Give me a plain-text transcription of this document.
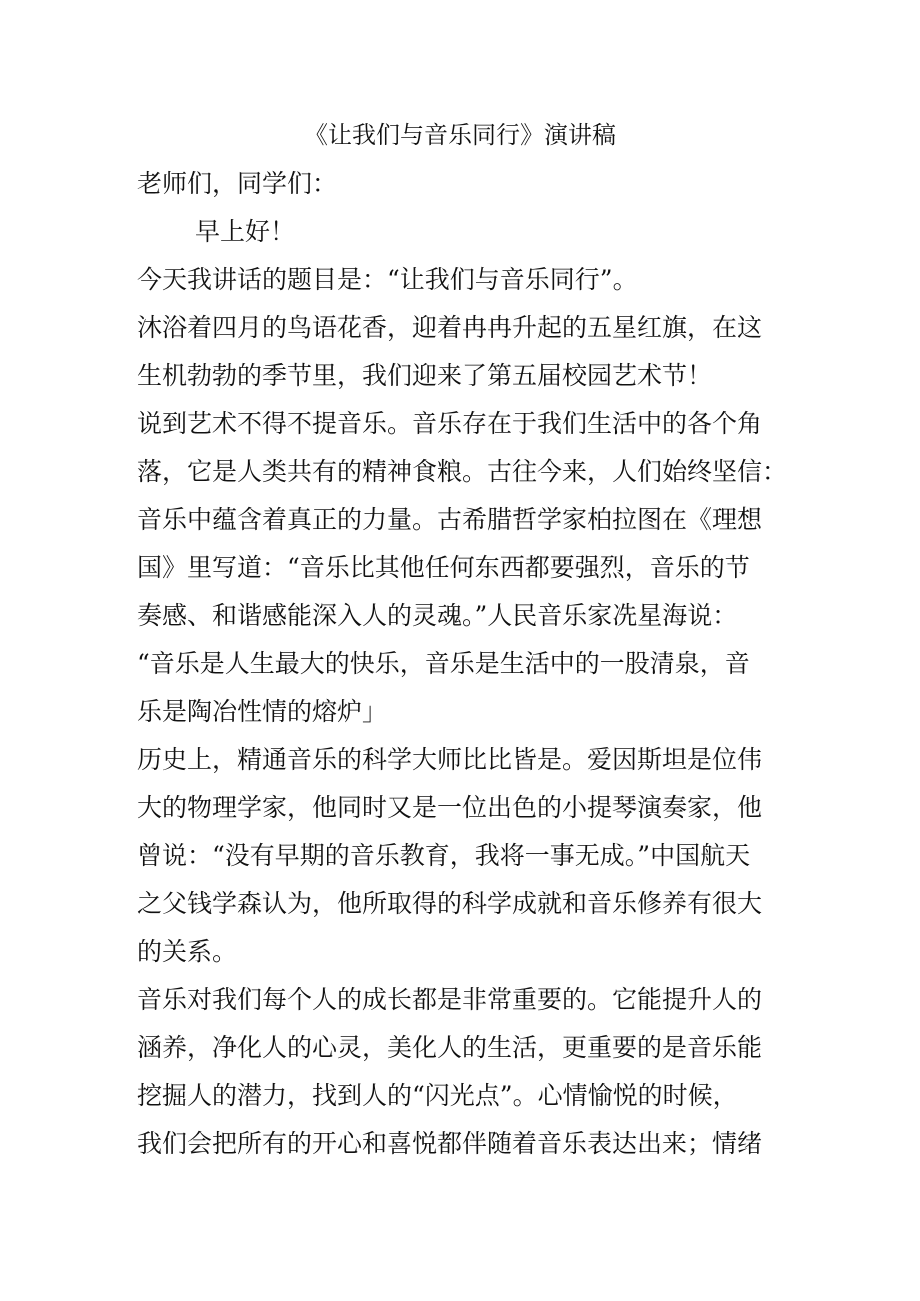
《让我们与音乐同行》演讲稿
老师们，同学们：
早上好！
今天我讲话的题目是：“让我们与音乐同行”。
沐浴着四月的鸟语花香，迎着冉冉升起的五星红旗，在这
生机勃勃的季节里，我们迎来了第五届校园艺术节！
说到艺术不得不提音乐。音乐存在于我们生活中的各个角
落，它是人类共有的精神食粮。古往今来，人们始终坚信：
音乐中蕴含着真正的力量。古希腊哲学家柏拉图在《理想
国》里写道：“音乐比其他任何东西都要强烈，音乐的节
奏感、和谐感能深入人的灵魂。”人民音乐家冼星海说：
“音乐是人生最大的快乐，音乐是生活中的一股清泉，音
乐是陶冶性情的熔炉」
历史上，精通音乐的科学大师比比皆是。爱因斯坦是位伟
大的物理学家，他同时又是一位出色的小提琴演奏家，他
曾说：“没有早期的音乐教育，我将一事无成。”中国航天
之父钱学森认为，他所取得的科学成就和音乐修养有很大
的关系。
音乐对我们每个人的成长都是非常重要的。它能提升人的
涵养，净化人的心灵，美化人的生活，更重要的是音乐能
挖掘人的潜力，找到人的“闪光点”。心情愉悦的时候，
我们会把所有的开心和喜悦都伴随着音乐表达出来；情绪
